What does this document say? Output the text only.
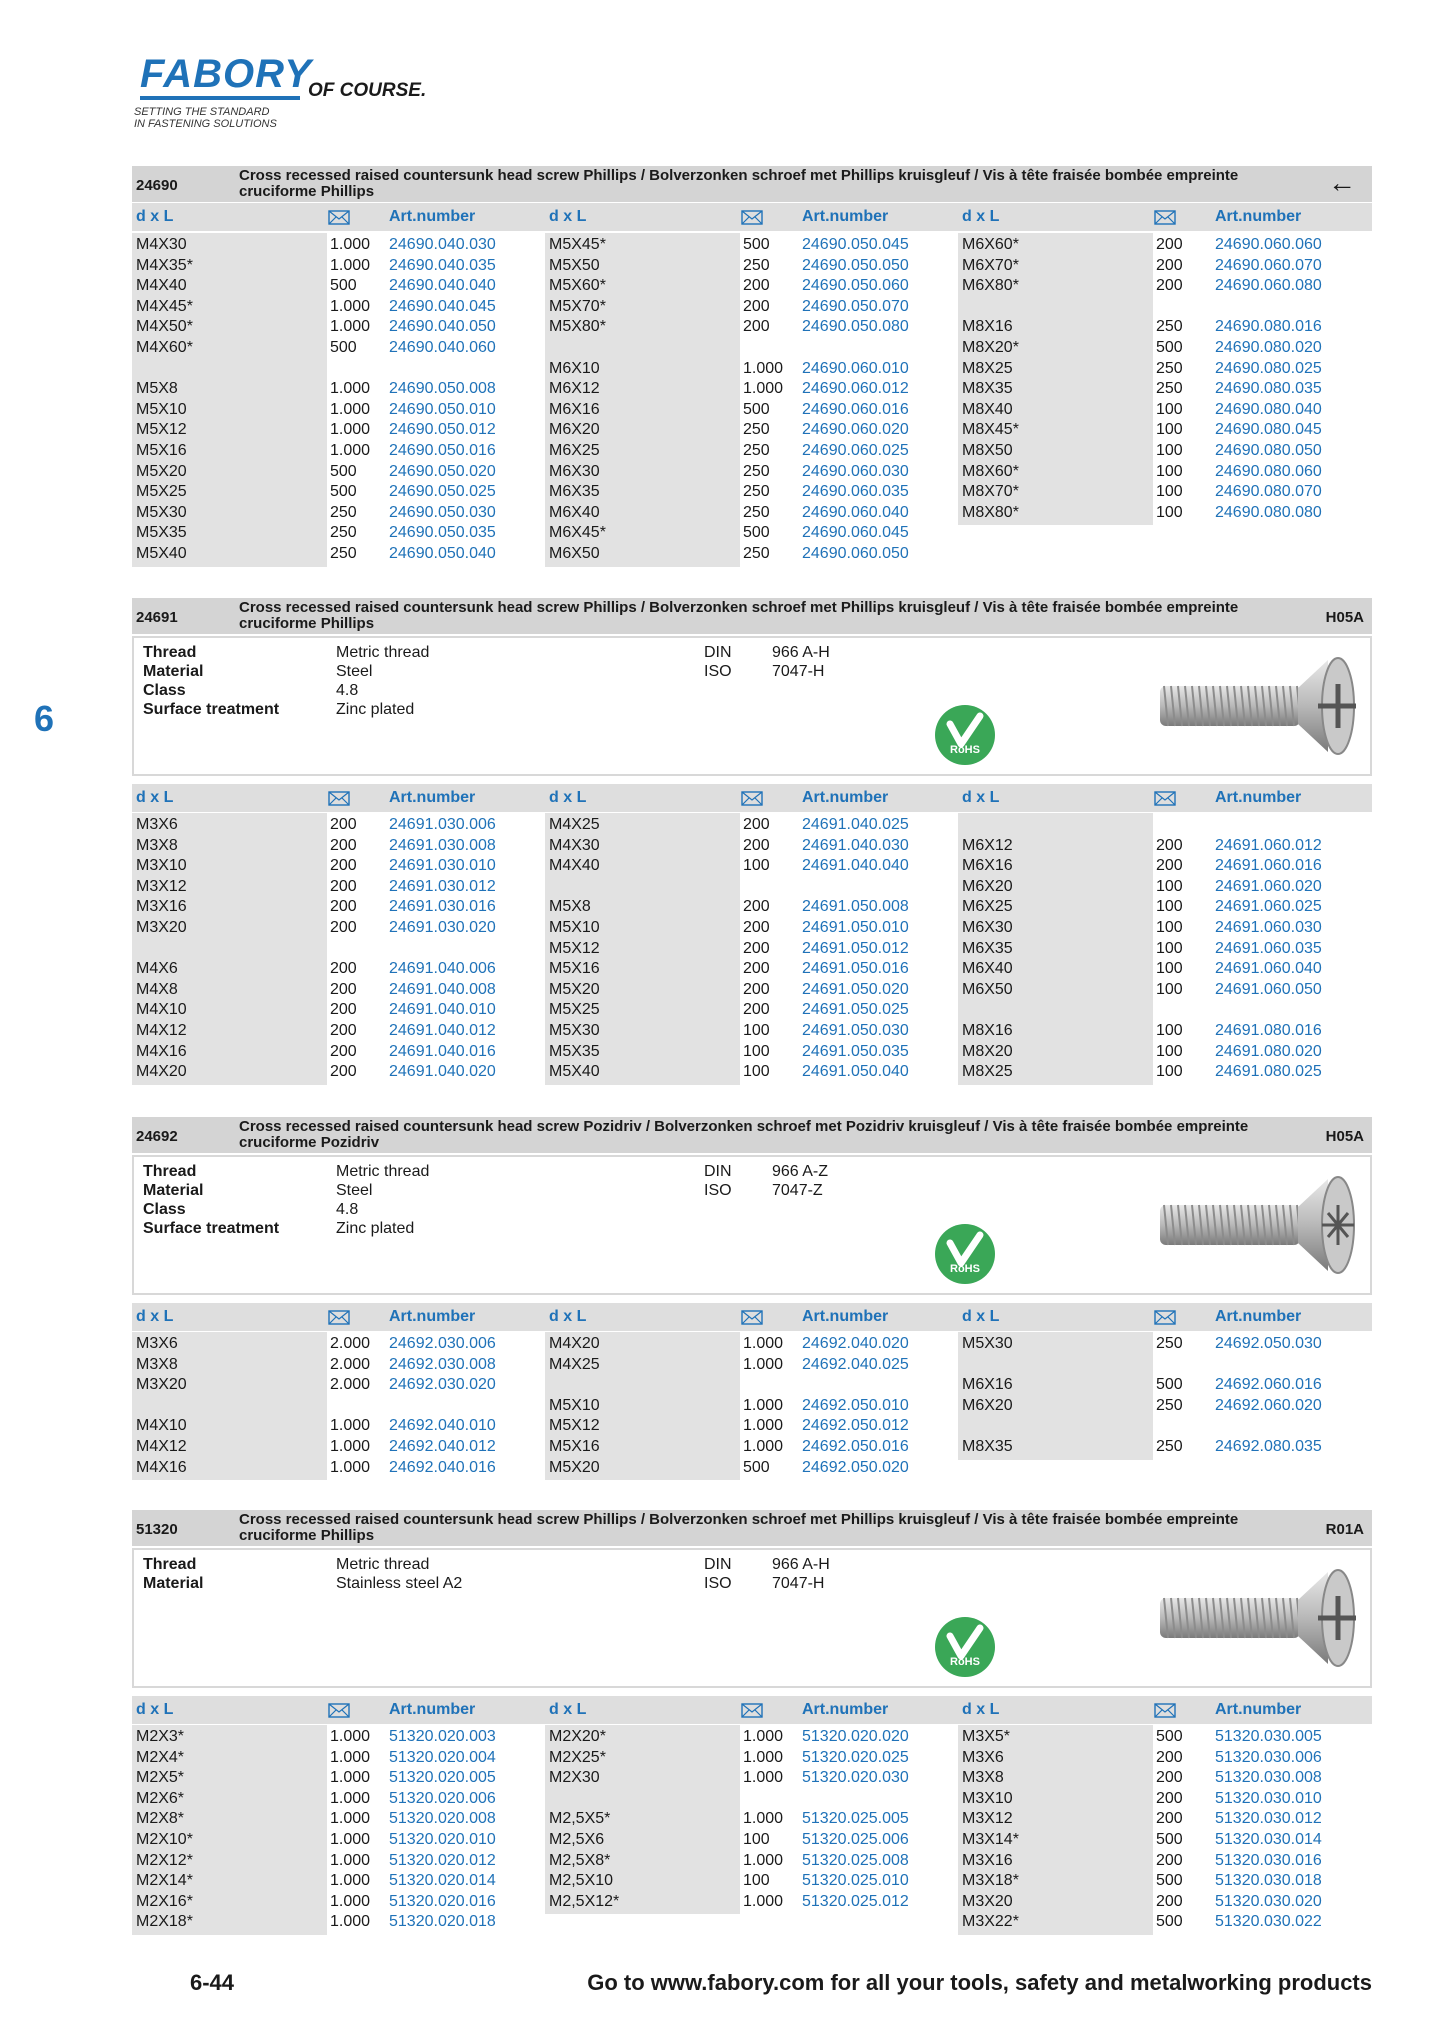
FABORY
OF COURSE.
SETTING THE STANDARD
IN FASTENING SOLUTIONS
6
24690
Cross recessed raised countersunk head screw Phillips / Bolverzonken schroef met Phillips kruisgleuf / Vis à tête fraisée bombée empreinte cruciforme Phillips	←
d x L	Art.number	d x L	Art.number	d x L	Art.number
M4X30	1.000 24690.040.030
M4X35*	1.000 24690.040.035
M4X40	500 24690.040.040
M4X45*	1.000 24690.040.045
M4X50*	1.000 24690.040.050
M4X60*	500 24690.040.060
M5X8	1.000 24690.050.008
M5X10	1.000 24690.050.010
M5X12	1.000 24690.050.012
M5X16	1.000 24690.050.016
M5X20	500 24690.050.020
M5X25	500 24690.050.025
M5X30	250 24690.050.030
M5X35	250 24690.050.035
M5X40	250 24690.050.040
M5X45*	500 24690.050.045
M5X50	250 24690.050.050
M5X60*	200 24690.050.060
M5X70*	200 24690.050.070
M5X80*	200 24690.050.080
M6X10	1.000 24690.060.010
M6X12	1.000 24690.060.012
M6X16	500 24690.060.016
M6X20	250 24690.060.020
M6X25	250 24690.060.025
M6X30	250 24690.060.030
M6X35	250 24690.060.035
M6X40	250 24690.060.040
M6X45*	500 24690.060.045
M6X50	250 24690.060.050
M6X60*	200 24690.060.060
M6X70*	200 24690.060.070
M6X80*	200 24690.060.080
M8X16	250 24690.080.016
M8X20*	500 24690.080.020
M8X25	250 24690.080.025
M8X35	250 24690.080.035
M8X40	100 24690.080.040
M8X45*	100 24690.080.045
M8X50	100 24690.080.050
M8X60*	100 24690.080.060
M8X70*	100 24690.080.070
M8X80*	100 24690.080.080
24691
Cross recessed raised countersunk head screw Phillips / Bolverzonken schroef met Phillips kruisgleuf / Vis à tête fraisée bombée empreinte cruciforme Phillips	H05A
Thread	Metric thread
Material	Steel
Class	4.8
Surface treatment	Zinc plated
DIN	966 A-H
ISO	7047-H
RoHS
d x L	Art.number	d x L	Art.number	d x L	Art.number
M3X6	200 24691.030.006
M3X8	200 24691.030.008
M3X10	200 24691.030.010
M3X12	200 24691.030.012
M3X16	200 24691.030.016
M3X20	200 24691.030.020
M4X6	200 24691.040.006
M4X8	200 24691.040.008
M4X10	200 24691.040.010
M4X12	200 24691.040.012
M4X16	200 24691.040.016
M4X20	200 24691.040.020
M4X25	200 24691.040.025
M4X30	200 24691.040.030
M4X40	100 24691.040.040
M5X8	200 24691.050.008
M5X10	200 24691.050.010
M5X12	200 24691.050.012
M5X16	200 24691.050.016
M5X20	200 24691.050.020
M5X25	200 24691.050.025
M5X30	100 24691.050.030
M5X35	100 24691.050.035
M5X40	100 24691.050.040
M6X12	200 24691.060.012
M6X16	200 24691.060.016
M6X20	100 24691.060.020
M6X25	100 24691.060.025
M6X30	100 24691.060.030
M6X35	100 24691.060.035
M6X40	100 24691.060.040
M6X50	100 24691.060.050
M8X16	100 24691.080.016
M8X20	100 24691.080.020
M8X25	100 24691.080.025
24692
Cross recessed raised countersunk head screw Pozidriv / Bolverzonken schroef met Pozidriv kruisgleuf / Vis à tête fraisée bombée empreinte cruciforme Pozidriv	H05A
Thread	Metric thread
Material	Steel
Class	4.8
Surface treatment	Zinc plated
DIN	966 A-Z
ISO	7047-Z
RoHS
d x L	Art.number	d x L	Art.number	d x L	Art.number
M3X6	2.000 24692.030.006
M3X8	2.000 24692.030.008
M3X20	2.000 24692.030.020
M4X10	1.000 24692.040.010
M4X12	1.000 24692.040.012
M4X16	1.000 24692.040.016
M4X20	1.000 24692.040.020
M4X25	1.000 24692.040.025
M5X10	1.000 24692.050.010
M5X12	1.000 24692.050.012
M5X16	1.000 24692.050.016
M5X20	500 24692.050.020
M5X30	250 24692.050.030
M6X16	500 24692.060.016
M6X20	250 24692.060.020
M8X35	250 24692.080.035
51320
Cross recessed raised countersunk head screw Phillips / Bolverzonken schroef met Phillips kruisgleuf / Vis à tête fraisée bombée empreinte cruciforme Phillips	R01A
Thread	Metric thread
Material	Stainless steel A2
DIN	966 A-H
ISO	7047-H
RoHS
d x L	Art.number	d x L	Art.number	d x L	Art.number
M2X3*	1.000 51320.020.003
M2X4*	1.000 51320.020.004
M2X5*	1.000 51320.020.005
M2X6*	1.000 51320.020.006
M2X8*	1.000 51320.020.008
M2X10*	1.000 51320.020.010
M2X12*	1.000 51320.020.012
M2X14*	1.000 51320.020.014
M2X16*	1.000 51320.020.016
M2X18*	1.000 51320.020.018
M2X20*	1.000 51320.020.020
M2X25*	1.000 51320.020.025
M2X30	1.000 51320.020.030
M2,5X5*	1.000 51320.025.005
M2,5X6	100 51320.025.006
M2,5X8*	1.000 51320.025.008
M2,5X10	100 51320.025.010
M2,5X12*	1.000 51320.025.012
M3X5*	500 51320.030.005
M3X6	200 51320.030.006
M3X8	200 51320.030.008
M3X10	200 51320.030.010
M3X12	200 51320.030.012
M3X14*	500 51320.030.014
M3X16	200 51320.030.016
M3X18*	500 51320.030.018
M3X20	200 51320.030.020
M3X22*	500 51320.030.022
6-44	Go to www.fabory.com for all your tools, safety and metalworking products
